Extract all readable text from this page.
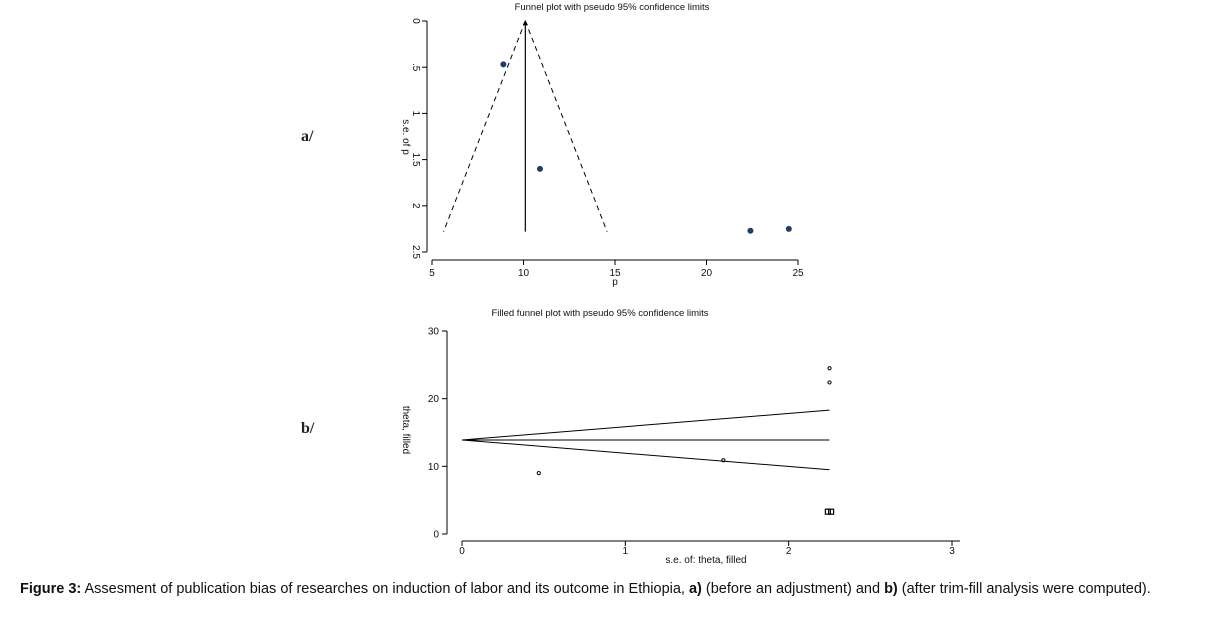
a/
b/
Funnel plot with pseudo 95% confidence limits
p
s.e. of p
0
.5
1
1.5
2
2.5
5	10	15	20	25
Filled funnel plot with pseudo 95% confidence limits
s.e. of: theta, filled
theta, filled
0
10
20
30
0	1	2	3
Figure 3: Assesment of publication bias of researches on induction of labor and its outcome in Ethiopia, a) (before an adjustment) and b) (after trim-fill analysis were computed).
